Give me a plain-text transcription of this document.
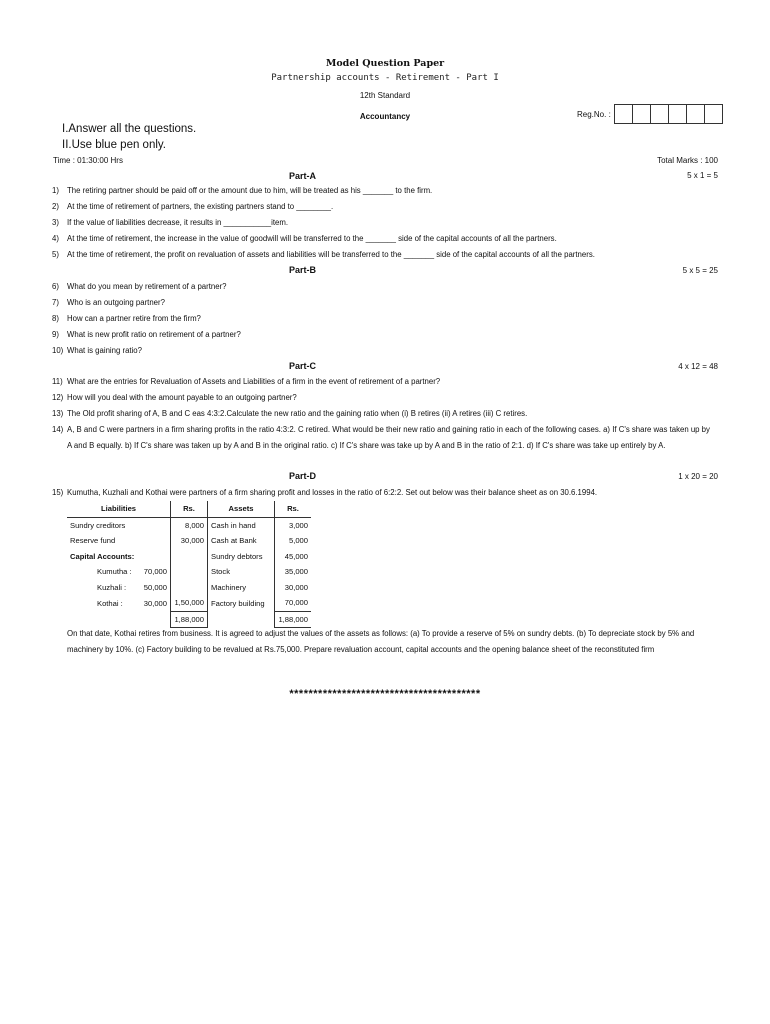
Model Question Paper
Partnership accounts - Retirement - Part I
12th Standard
Accountancy	Reg.No. :
I.Answer all the questions.
II.Use blue pen only.
Time : 01:30:00 Hrs	Total Marks : 100
Part-A	5 x 1 = 5
1)	The retiring partner should be paid off or the amount due to him, will be treated as his _______ to the firm.
2)	At the time of retirement of partners, the existing partners stand to ________.
3)	If the value of liabilities decrease, it results in ___________item.
4)	At the time of retirement, the increase in the value of goodwill will be transferred to the _______ side of the capital accounts of all the partners.
5)	At the time of retirement, the profit on revaluation of assets and liabilities will be transferred to the _______ side of the capital accounts of all the partners.
Part-B	5 x 5 = 25
6)	What do you mean by retirement of a partner?
7)	Who is an outgoing partner?
8)	How can a partner retire from the firm?
9)	What is new profit ratio on retirement of a partner?
10) What is gaining ratio?
Part-C	4 x 12 = 48
11) What are the entries for Revaluation of Assets and Liabilities of a firm in the event of retirement of a partner?
12) How will you deal with the amount payable to an outgoing partner?
13) The Old profit sharing of A, B and C eas 4:3:2.Calculate the new ratio and the gaining ratio when (i) B retires (ii) A retires (iii) C retires.
14) A, B and C were partners in a firm sharing profits in the ratio 4:3:2. C retired. What would be their new ratio and gaining ratio in each of the following cases. a) If C's share was taken up by A and B equally. b) If C's share was taken up by A and B in the original ratio. c) If C's share was take up by A and B in the ratio of 2:1. d) If C's share was take up entirely by A.
Part-D	1 x 20 = 20
15) Kumutha, Kuzhali and Kothai were partners of a firm sharing profit and losses in the ratio of 6:2:2. Set out below was their balance sheet as on 30.6.1994.
Liabilities		Rs.	Assets	Rs.
Sundry creditors		8,000	Cash in hand	3,000
Reserve fund		30,000	Cash at Bank	5,000
Capital Accounts:			Sundry debtors	45,000
Kumutha :	70,000		Stock	35,000
Kuzhali :	50,000		Machinery	30,000
Kothai :	30,000	1,50,000	Factory building	70,000
		1,88,000		1,88,000
On that date, Kothai retires from business. It is agreed to adjust the values of the assets as follows: (a) To provide a reserve of 5% on sundry debts. (b) To depreciate stock by 5% and machinery by 10%. (c) Factory building to be revalued at Rs.75,000. Prepare revaluation account, capital accounts and the opening balance sheet of the reconstituted firm
****************************************
